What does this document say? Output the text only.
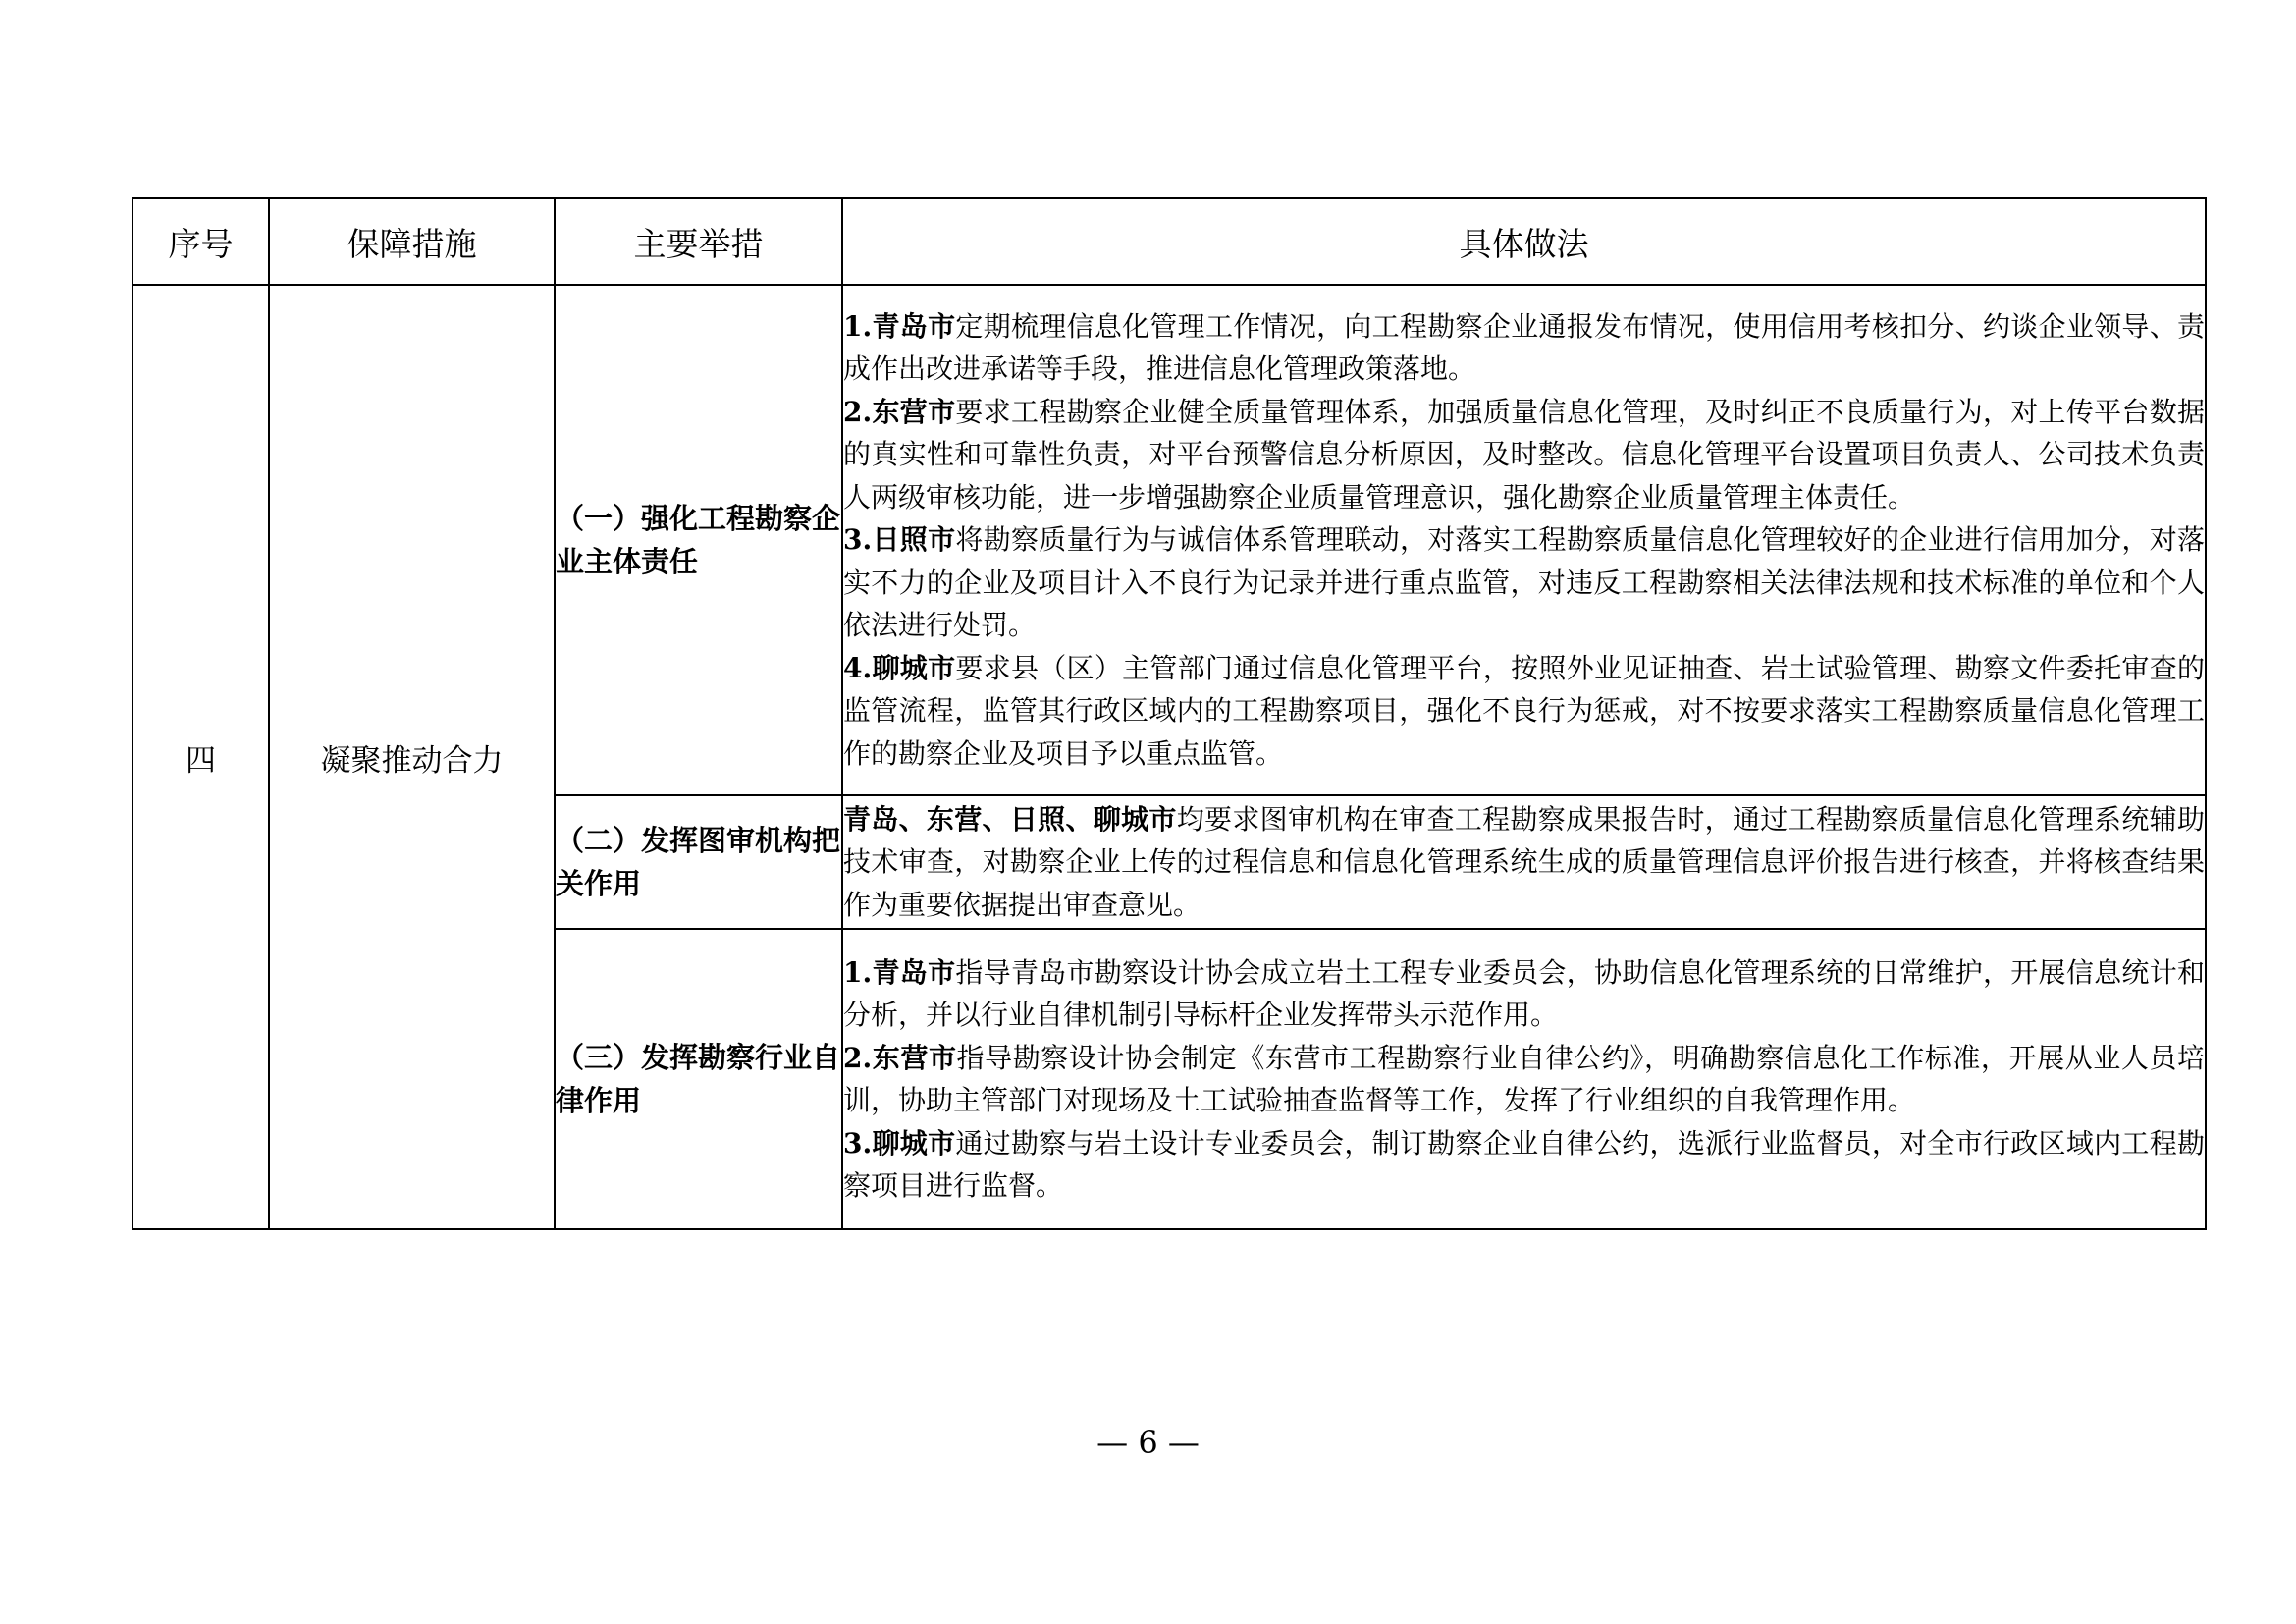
序号	保障措施	主要举措	具体做法
四	凝聚推动合力	（一）强化工程勘察企业主体责任	1.青岛市定期梳理信息化管理工作情况，向工程勘察企业通报发布情况，使用信用考核扣分、约谈企业领导、责成作出改进承诺等手段，推进信息化管理政策落地。
2.东营市要求工程勘察企业健全质量管理体系，加强质量信息化管理，及时纠正不良质量行为，对上传平台数据的真实性和可靠性负责，对平台预警信息分析原因，及时整改。信息化管理平台设置项目负责人、公司技术负责人两级审核功能，进一步增强勘察企业质量管理意识，强化勘察企业质量管理主体责任。
3.日照市将勘察质量行为与诚信体系管理联动，对落实工程勘察质量信息化管理较好的企业进行信用加分，对落实不力的企业及项目计入不良行为记录并进行重点监管，对违反工程勘察相关法律法规和技术标准的单位和个人依法进行处罚。
4.聊城市要求县（区）主管部门通过信息化管理平台，按照外业见证抽查、岩土试验管理、勘察文件委托审查的监管流程，监管其行政区域内的工程勘察项目，强化不良行为惩戒，对不按要求落实工程勘察质量信息化管理工作的勘察企业及项目予以重点监管。

		（二）发挥图审机构把关作用	青岛、东营、日照、聊城市均要求图审机构在审查工程勘察成果报告时，通过工程勘察质量信息化管理系统辅助技术审查，对勘察企业上传的过程信息和信息化管理系统生成的质量管理信息评价报告进行核查，并将核查结果作为重要依据提出审查意见。

		（三）发挥勘察行业自律作用	1.青岛市指导青岛市勘察设计协会成立岩土工程专业委员会，协助信息化管理系统的日常维护，开展信息统计和分析，并以行业自律机制引导标杆企业发挥带头示范作用。
2.东营市指导勘察设计协会制定《东营市工程勘察行业自律公约》，明确勘察信息化工作标准，开展从业人员培训，协助主管部门对现场及土工试验抽查监督等工作，发挥了行业组织的自我管理作用。
3.聊城市通过勘察与岩土设计专业委员会，制订勘察企业自律公约，选派行业监督员，对全市行政区域内工程勘察项目进行监督。
— 6 —
